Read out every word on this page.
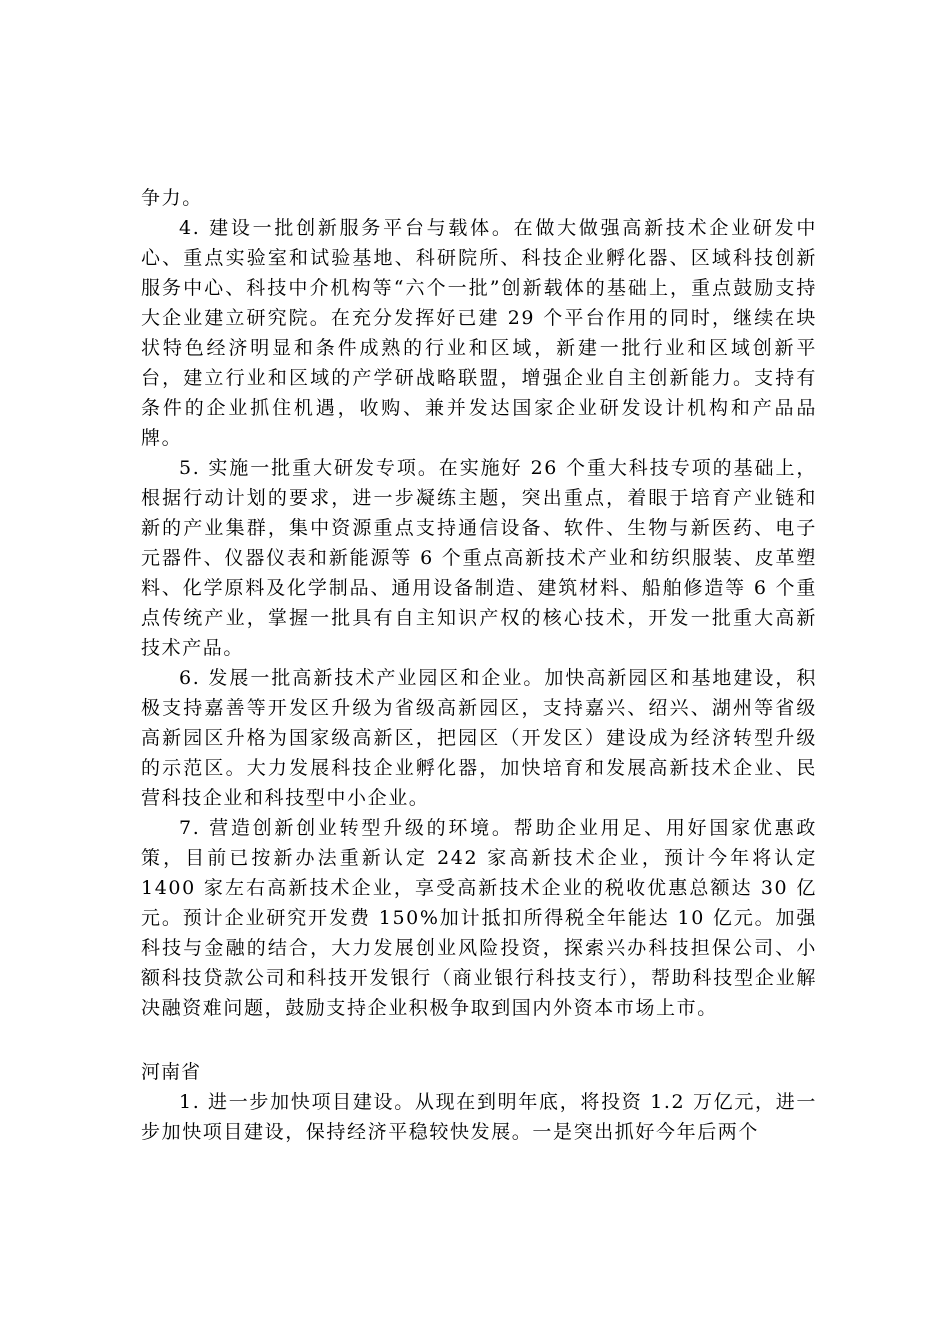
争力。

4. 建设一批创新服务平台与载体。在做大做强高新技术企业研发中心、重点实验室和试验基地、科研院所、科技企业孵化器、区域科技创新服务中心、科技中介机构等“六个一批”创新载体的基础上，重点鼓励支持大企业建立研究院。在充分发挥好已建 29 个平台作用的同时，继续在块状特色经济明显和条件成熟的行业和区域，新建一批行业和区域创新平台，建立行业和区域的产学研战略联盟，增强企业自主创新能力。支持有条件的企业抓住机遇，收购、兼并发达国家企业研发设计机构和产品品牌。

5. 实施一批重大研发专项。在实施好 26 个重大科技专项的基础上，根据行动计划的要求，进一步凝练主题，突出重点，着眼于培育产业链和新的产业集群，集中资源重点支持通信设备、软件、生物与新医药、电子元器件、仪器仪表和新能源等 6 个重点高新技术产业和纺织服装、皮革塑料、化学原料及化学制品、通用设备制造、建筑材料、船舶修造等 6 个重点传统产业，掌握一批具有自主知识产权的核心技术，开发一批重大高新技术产品。

6. 发展一批高新技术产业园区和企业。加快高新园区和基地建设，积极支持嘉善等开发区升级为省级高新园区，支持嘉兴、绍兴、湖州等省级高新园区升格为国家级高新区，把园区（开发区）建设成为经济转型升级的示范区。大力发展科技企业孵化器，加快培育和发展高新技术企业、民营科技企业和科技型中小企业。

7. 营造创新创业转型升级的环境。帮助企业用足、用好国家优惠政策，目前已按新办法重新认定 242 家高新技术企业，预计今年将认定 1400 家左右高新技术企业，享受高新技术企业的税收优惠总额达 30 亿元。预计企业研究开发费 150%加计抵扣所得税全年能达 10 亿元。加强科技与金融的结合，大力发展创业风险投资，探索兴办科技担保公司、小额科技贷款公司和科技开发银行（商业银行科技支行），帮助科技型企业解决融资难问题，鼓励支持企业积极争取到国内外资本市场上市。

河南省

1. 进一步加快项目建设。从现在到明年底，将投资 1.2 万亿元，进一步加快项目建设，保持经济平稳较快发展。一是突出抓好今年后两个
